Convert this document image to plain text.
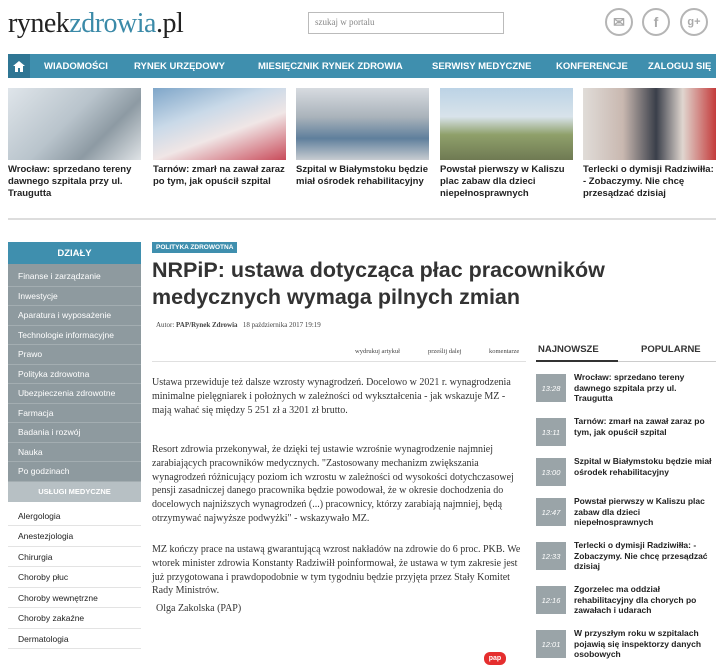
rynekzdrowia.pl	szukaj w portalu	✉ f	g+
WIADOMOŚCI	RYNEK URZĘDOWY	MIESIĘCZNIK RYNEK ZDROWIA	SERWISY MEDYCZNE	KONFERENCJE ZALOGUJ SIĘ
Wrocław: sprzedano tereny dawnego szpitala przy ul. Traugutta
Tarnów: zmarł na zawał zaraz po tym, jak opuścił szpital
Szpital w Białymstoku będzie miał ośrodek rehabilitacyjny
Powstał pierwszy w Kaliszu plac zabaw dla dzieci niepełnosprawnych
Terlecki o dymisji Radziwiłła: - Zobaczymy. Nie chcę przesądzać dzisiaj
DZIAŁY
Finanse i zarządzanie
Inwestycje
Aparatura i wyposażenie
Technologie informacyjne
Prawo
Polityka zdrowotna
Ubezpieczenia zdrowotne
Farmacja
Badania i rozwój
Nauka
Po godzinach
USŁUGI MEDYCZNE
Alergologia
Anestezjologia
Chirurgia
Choroby płuc
Choroby wewnętrzne
Choroby zakaźne
Dermatologia
POLITYKA ZDROWOTNA
NRPiP: ustawa dotycząca płac pracowników medycznych wymaga pilnych zmian
Autor: PAP/Rynek Zdrowia 18 października 2017 19:19
wydrukuj artykuł	prześlij dalej	komentarze

Ustawa przewiduje też dalsze wzrosty wynagrodzeń. Docelowo w 2021 r. wynagrodzenia minimalne pielęgniarek i położnych w zależności od wykształcenia - jak wskazuje MZ - mają wahać się między 5 251 zł a 3201 zł brutto.

Resort zdrowia przekonywał, że dzięki tej ustawie wzrośnie wynagrodzenie najmniej zarabiających pracowników medycznych. "Zastosowany mechanizm zwiększania wynagrodzeń różnicujący poziom ich wzrostu w zależności od wysokości dotychczasowej pensji zasadniczej danego pracownika będzie powodował, że w okresie dochodzenia do docelowych najniższych wynagrodzeń (...) pracownicy, którzy zarabiają najmniej, będą otrzymywać najwyższe podwyżki" - wskazywało MZ.

MZ kończy prace na ustawą gwarantującą wzrost nakładów na zdrowie do 6 proc. PKB. We wtorek minister zdrowia Konstanty Radziwiłł poinformował, że ustawa w tym zakresie jest już przygotowana i prawdopodobnie w tym tygodniu będzie przyjęta przez Stały Komitet Rady Ministrów.

Olga Zakolska (PAP)

pap
NAJNOWSZE	POPULARNE
13:28
Wrocław: sprzedano tereny dawnego szpitala przy ul. Traugutta
13:11
Tarnów: zmarł na zawał zaraz po tym, jak opuścił szpital
13:00
Szpital w Białymstoku będzie miał ośrodek rehabilitacyjny
12:47
Powstał pierwszy w Kaliszu plac zabaw dla dzieci niepełnosprawnych
12:33
Terlecki o dymisji Radziwiłła: - Zobaczymy. Nie chcę przesądzać dzisiaj
12:16
Zgorzelec ma oddział rehabilitacyjny dla chorych po zawałach i udarach
12:01
W przyszłym roku w szpitalach pojawią się inspektorzy danych osobowych
